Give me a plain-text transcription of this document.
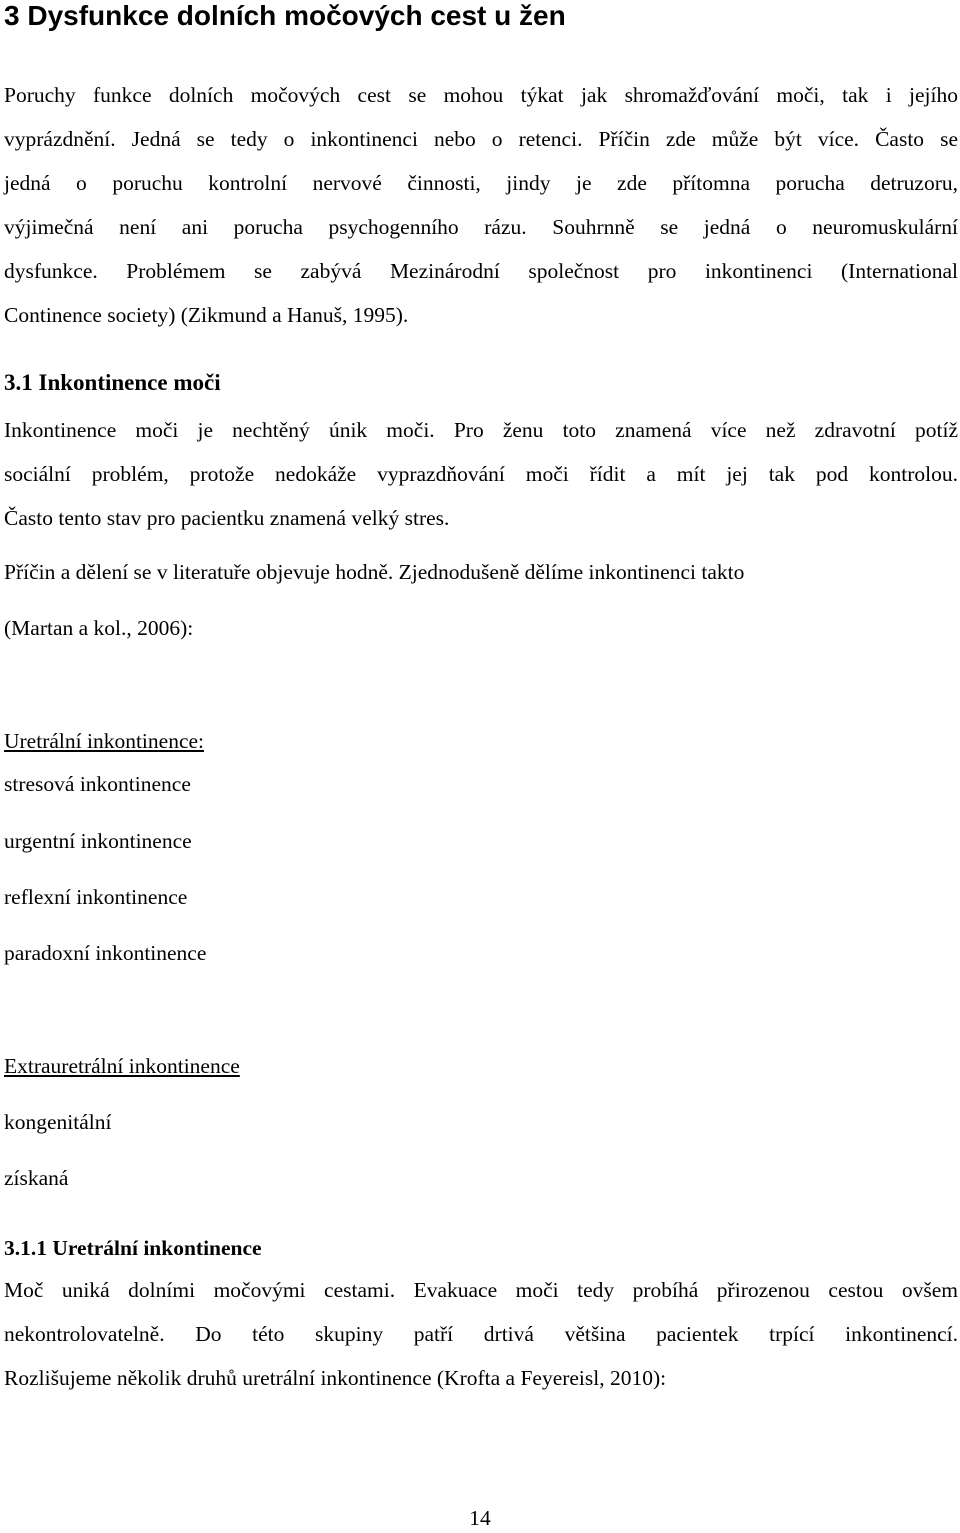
3 Dysfunkce dolních močových cest u žen
Poruchy funkce dolních močových cest se mohou týkat jak shromažďování moči, tak i jejího
vyprázdnění. Jedná se tedy o inkontinenci nebo o retenci. Příčin zde může být více. Často se
jedná o poruchu kontrolní nervové činnosti, jindy je zde přítomna porucha detruzoru,
výjimečná není ani porucha psychogenního rázu. Souhrnně se jedná o neuromuskulární
dysfunkce. Problémem se zabývá Mezinárodní společnost pro inkontinenci (International
Continence society) (Zikmund a Hanuš, 1995).
3.1 Inkontinence moči
Inkontinence moči je nechtěný únik moči. Pro ženu toto znamená více než zdravotní potíž
sociální problém, protože nedokáže vyprazdňování moči řídit a mít jej tak pod kontrolou.
Často tento stav pro pacientku znamená velký stres.

Příčin a dělení se v literatuře objevuje hodně. Zjednodušeně dělíme inkontinenci takto

(Martan a kol., 2006):

Uretrální inkontinence:

stresová inkontinence

urgentní inkontinence

reflexní inkontinence

paradoxní inkontinence

Extrauretrální inkontinence

kongenitální

získaná

3.1.1 Uretrální inkontinence
Moč uniká dolními močovými cestami. Evakuace moči tedy probíhá přirozenou cestou ovšem
nekontrolovatelně. Do této skupiny patří drtivá většina pacientek trpící inkontinencí.
Rozlišujeme několik druhů uretrální inkontinence (Krofta a Feyereisl, 2010):
14
